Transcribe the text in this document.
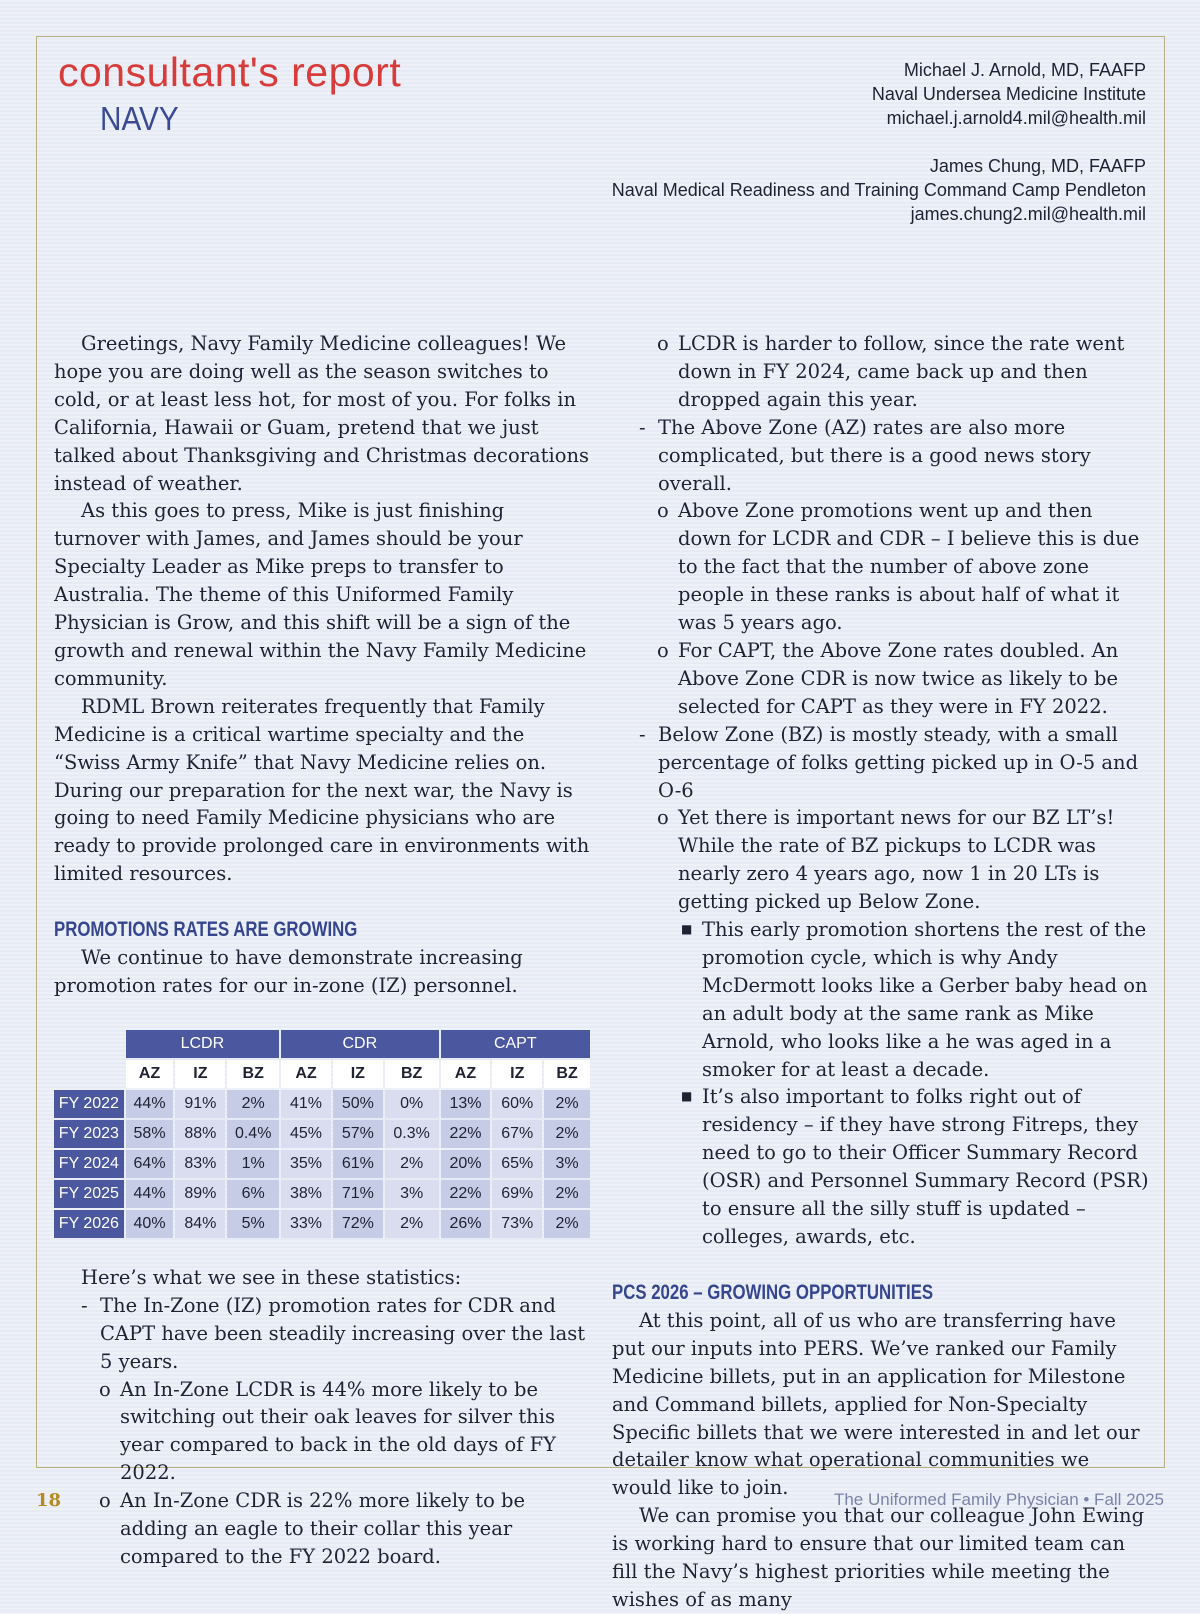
consultant's report
NAVY
Michael J. Arnold, MD, FAAFP
Naval Undersea Medicine Institute
michael.j.arnold4.mil@health.mil
James Chung, MD, FAAFP
Naval Medical Readiness and Training Command Camp Pendleton
james.chung2.mil@health.mil

Greetings, Navy Family Medicine colleagues! We hope you are doing well as the season switches to cold, or at least less hot, for most of you. For folks in California, Hawaii or Guam, pretend that we just talked about Thanksgiving and Christmas decorations instead of weather.

As this goes to press, Mike is just finishing turnover with James, and James should be your Specialty Leader as Mike preps to transfer to Australia. The theme of this Uniformed Family Physician is Grow, and this shift will be a sign of the growth and renewal within the Navy Family Medicine community.

RDML Brown reiterates frequently that Family Medicine is a critical wartime specialty and the “Swiss Army Knife” that Navy Medicine relies on. During our preparation for the next war, the Navy is going to need Family Medicine physicians who are ready to provide prolonged care in environments with limited resources.

PROMOTIONS RATES ARE GROWING

We continue to have demonstrate increasing promotion rates for our in-zone (IZ) personnel.

	LCDR			CDR			CAPT		
	AZ	IZ	BZ	AZ	IZ	BZ	AZ	IZ	BZ
FY 2022	44%	91%	2%	41%	50%	0%	13%	60%	2%
FY 2023	58%	88%	0.4%	45%	57%	0.3%	22%	67%	2%
FY 2024	64%	83%	1%	35%	61%	2%	20%	65%	3%
FY 2025	44%	89%	6%	38%	71%	3%	22%	69%	2%
FY 2026	40%	84%	5%	33%	72%	2%	26%	73%	2%

Here’s what we see in these statistics:

- The In-Zone (IZ) promotion rates for CDR and CAPT have been steadily increasing over the last 5 years.
o An In-Zone LCDR is 44% more likely to be switching out their oak leaves for silver this year compared to back in the old days of FY 2022.
o An In-Zone CDR is 22% more likely to be adding an eagle to their collar this year compared to the FY 2022 board.
o LCDR is harder to follow, since the rate went down in FY 2024, came back up and then dropped again this year.
- The Above Zone (AZ) rates are also more complicated, but there is a good news story overall.
o Above Zone promotions went up and then down for LCDR and CDR – I believe this is due to the fact that the number of above zone people in these ranks is about half of what it was 5 years ago.
o For CAPT, the Above Zone rates doubled. An Above Zone CDR is now twice as likely to be selected for CAPT as they were in FY 2022.
- Below Zone (BZ) is mostly steady, with a small percentage of folks getting picked up in O-5 and O-6
o Yet there is important news for our BZ LT’s! While the rate of BZ pickups to LCDR was nearly zero 4 years ago, now 1 in 20 LTs is getting picked up Below Zone.
■ This early promotion shortens the rest of the promotion cycle, which is why Andy McDermott looks like a Gerber baby head on an adult body at the same rank as Mike Arnold, who looks like a he was aged in a smoker for at least a decade.
■ It’s also important to folks right out of residency – if they have strong Fitreps, they need to go to their Officer Summary Record (OSR) and Personnel Summary Record (PSR) to ensure all the silly stuff is updated – colleges, awards, etc.
PCS 2026 – GROWING OPPORTUNITIES

At this point, all of us who are transferring have put our inputs into PERS. We’ve ranked our Family Medicine billets, put in an application for Milestone and Command billets, applied for Non-Specialty Specific billets that we were interested in and let our detailer know what operational communities we would like to join.

We can promise you that our colleague John Ewing is working hard to ensure that our limited team can fill the Navy’s highest priorities while meeting the wishes of as many

18	The Uniformed Family Physician • Fall 2025
